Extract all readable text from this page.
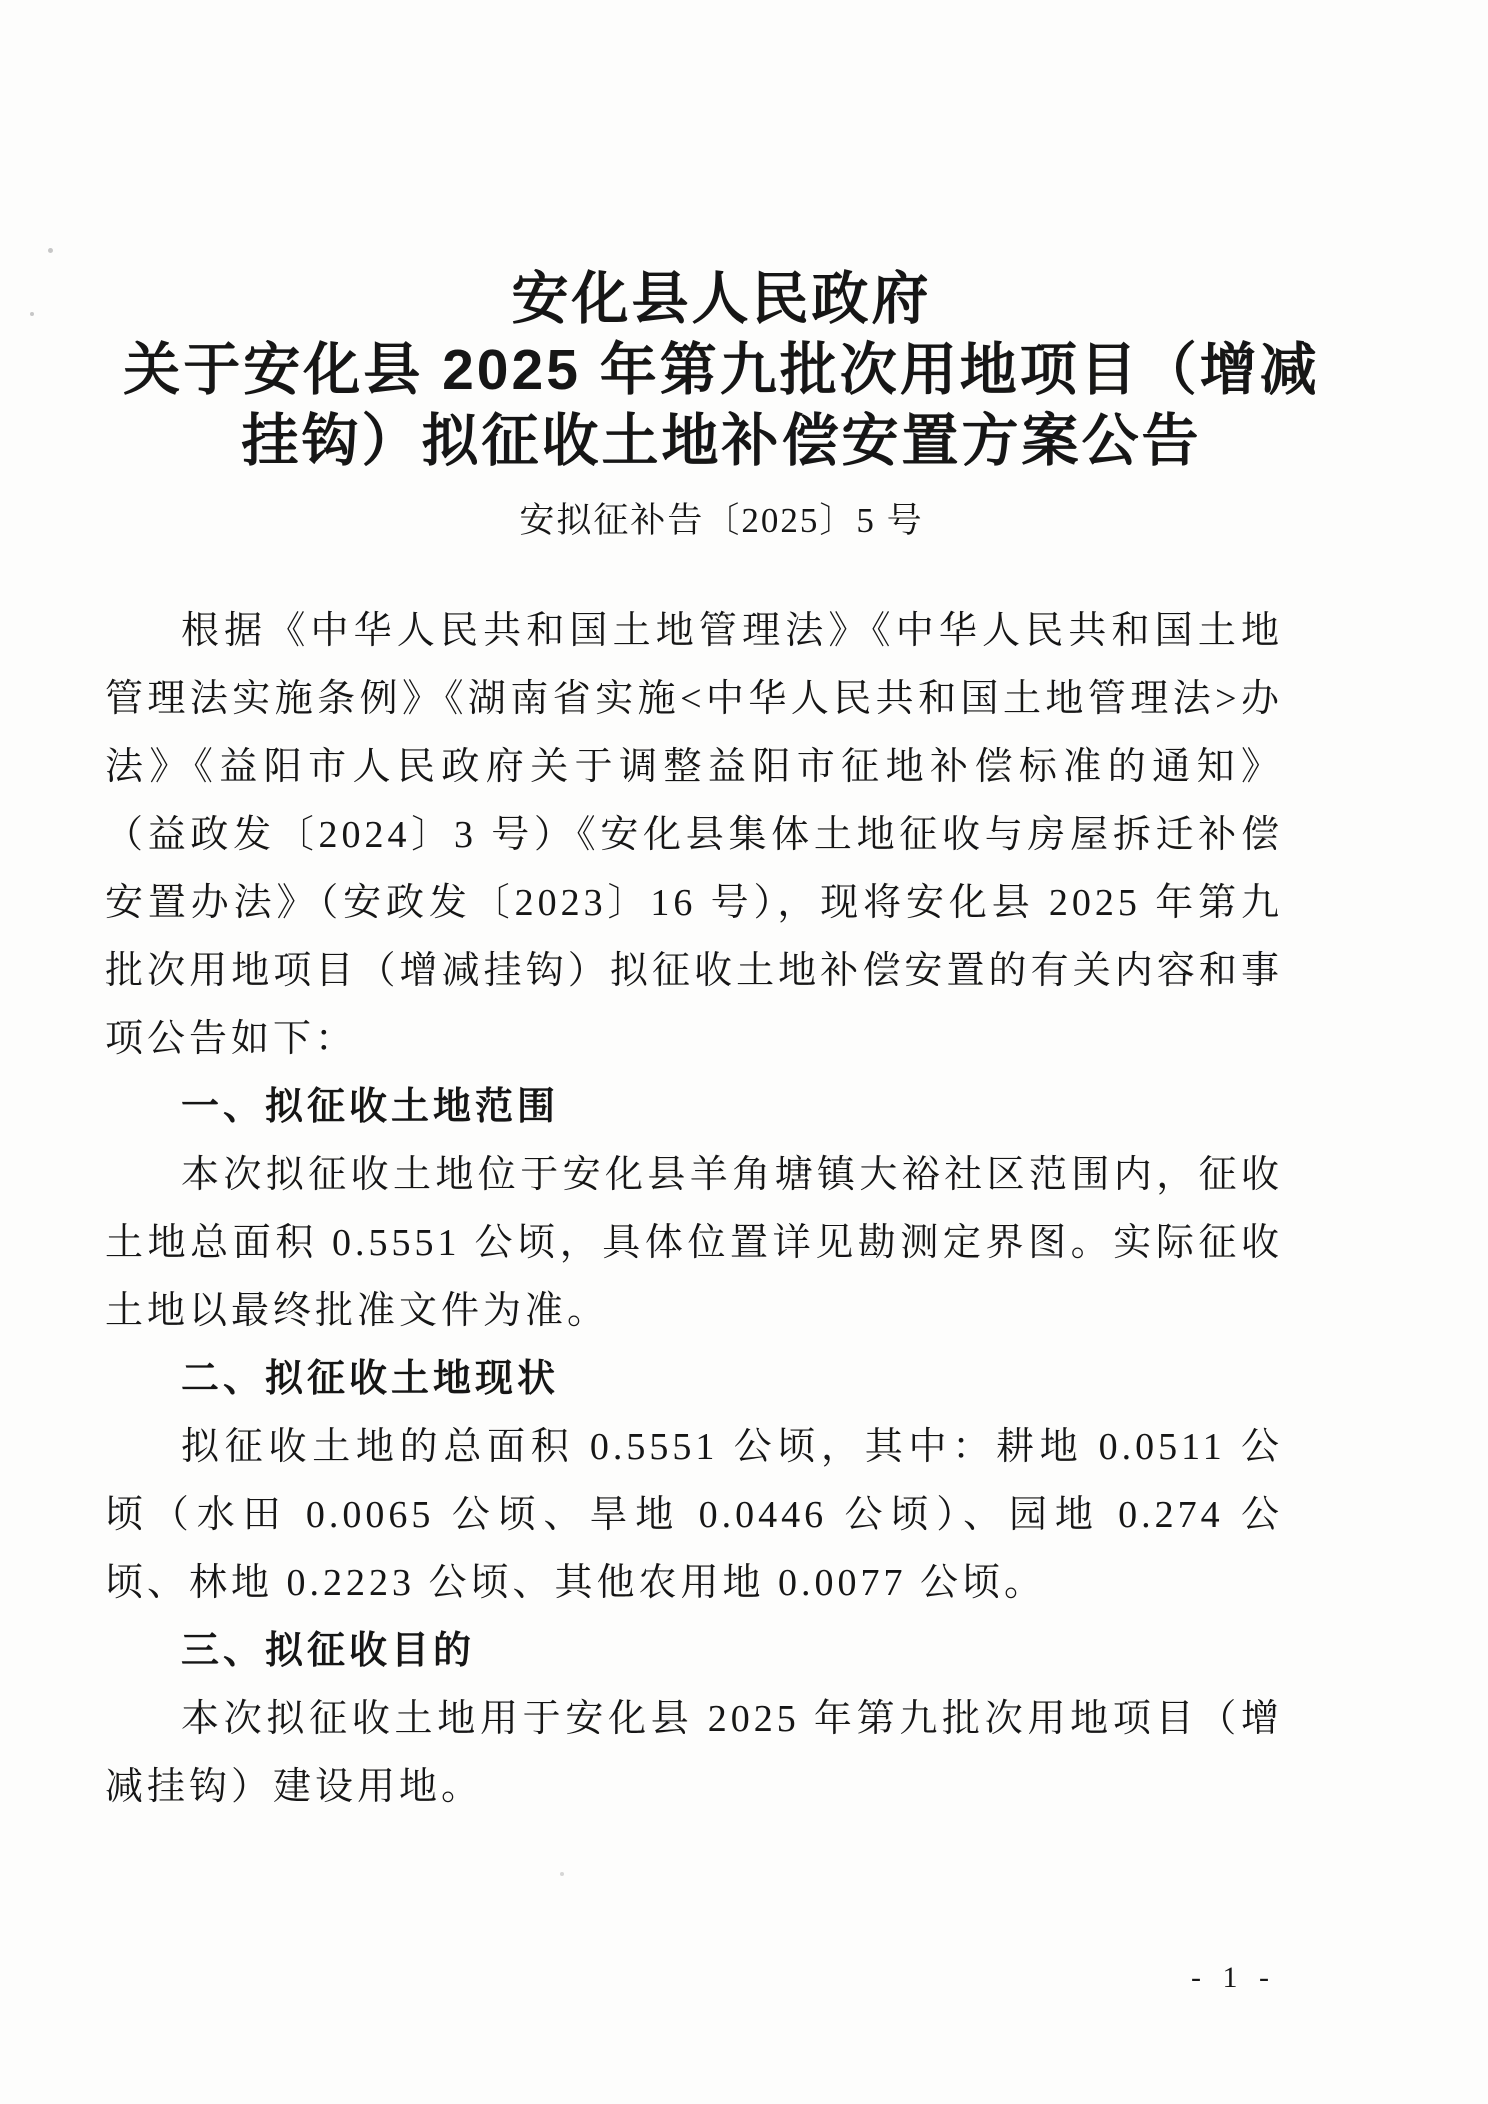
安化县人民政府
关于安化县 2025 年第九批次用地项目（增减
挂钩）拟征收土地补偿安置方案公告
安拟征补告〔2025〕5 号
根据《中华人民共和国土地管理法》《中华人民共和国土地管理法实施条例》《湖南省实施<中华人民共和国土地管理法>办法》《益阳市人民政府关于调整益阳市征地补偿标准的通知》（益政发〔2024〕3 号）《安化县集体土地征收与房屋拆迁补偿安置办法》（安政发〔2023〕16 号），现将安化县 2025 年第九批次用地项目（增减挂钩）拟征收土地补偿安置的有关内容和事项公告如下：
一、拟征收土地范围
本次拟征收土地位于安化县羊角塘镇大裕社区范围内，征收土地总面积 0.5551 公顷，具体位置详见勘测定界图。实际征收土地以最终批准文件为准。
二、拟征收土地现状
拟征收土地的总面积 0.5551 公顷，其中：耕地 0.0511 公顷（水田 0.0065 公顷、旱地 0.0446 公顷）、园地 0.274 公顷、林地 0.2223 公顷、其他农用地 0.0077 公顷。
三、拟征收目的
本次拟征收土地用于安化县 2025 年第九批次用地项目（增减挂钩）建设用地。
- 1 -
